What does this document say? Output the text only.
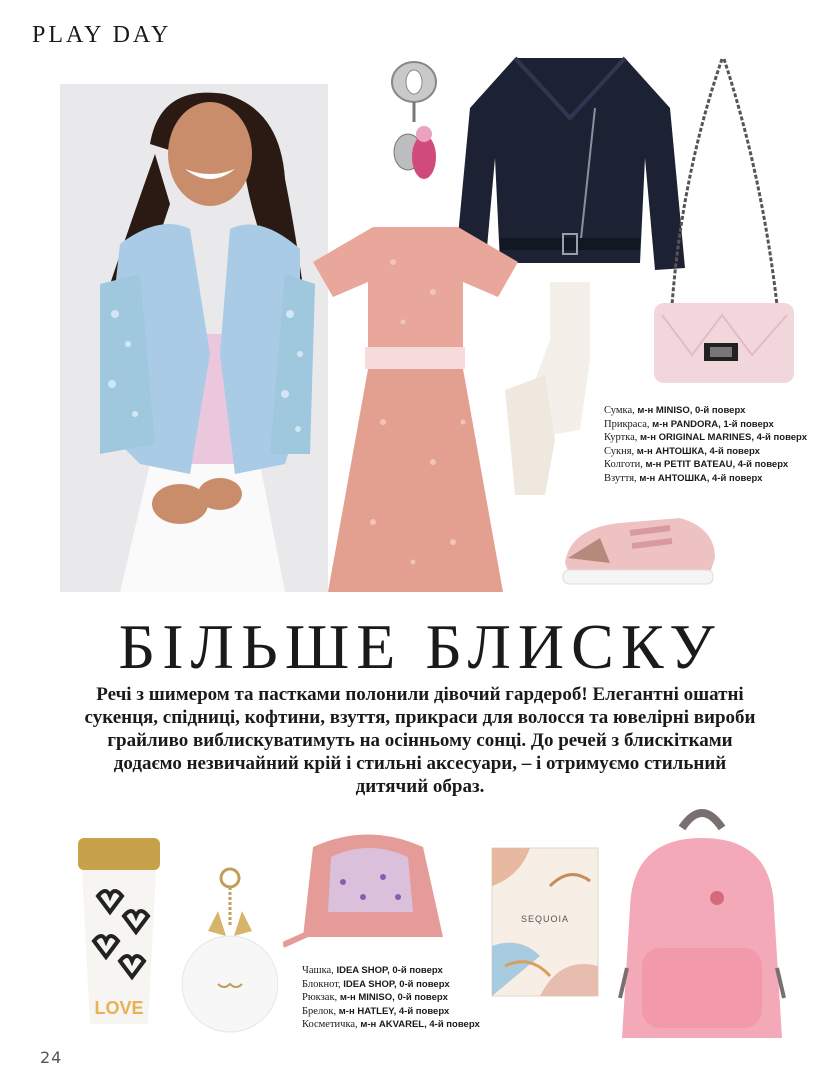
PLAY DAY
Сумка, м-н MINISO, 0-й поверх
Прикраса, м-н PANDORA, 1-й поверх
Куртка, м-н ORIGINAL MARINES, 4-й поверх
Сукня, м-н АНТОШКА, 4-й поверх
Колготи, м-н PETIT BATEAU, 4-й поверх
Взуття, м-н АНТОШКА, 4-й поверх
БІЛЬШЕ БЛИСКУ
Речі з шимером та пастками полонили дівочий гардероб! Елегантні ошатні сукенця, спідниці, кофтини, взуття, прикраси для волосся та ювелірні вироби грайливо виблискуватимуть на осінньому сонці. До речей з блискітками додаємо незвичайний крій і стильні аксесуари, – і отримуємо стильний дитячий образ.
LOVE
Чашка, IDEA SHOP, 0-й поверх
Блокнот, IDEA SHOP, 0-й поверх
Рюкзак, м-н MINISO, 0-й поверх
Брелок, м-н HATLEY, 4-й поверх
Косметичка, м-н AKVAREL, 4-й поверх
SEQUOIA
24
